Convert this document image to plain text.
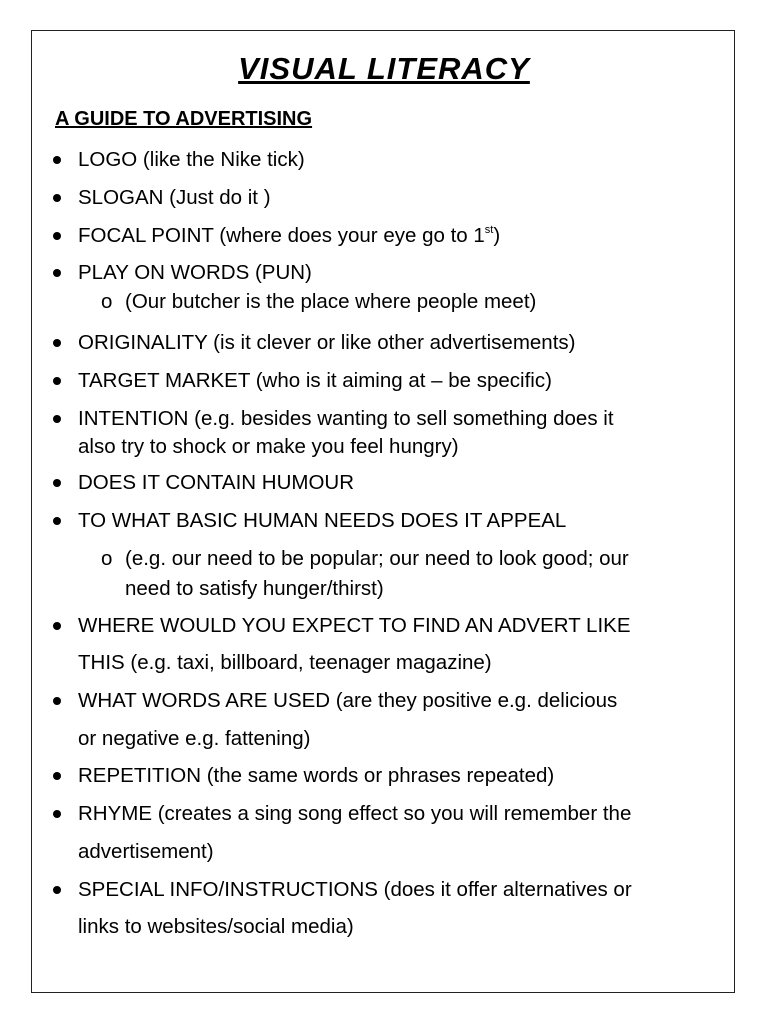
VISUAL LITERACY
A GUIDE TO ADVERTISING
LOGO (like the Nike tick)
SLOGAN (Just do it )
FOCAL POINT (where does your eye go to 1st)
PLAY ON WORDS (PUN)
o (Our butcher is the place where people meet)
ORIGINALITY (is it clever or like other advertisements)
TARGET MARKET (who is it aiming at – be specific)
INTENTION (e.g. besides wanting to sell something does it
also try to shock or make you feel hungry)
DOES IT CONTAIN HUMOUR
TO WHAT BASIC HUMAN NEEDS DOES IT APPEAL
o (e.g. our need to be popular; our need to look good; our
need to satisfy hunger/thirst)
WHERE WOULD YOU EXPECT TO FIND AN ADVERT LIKE
THIS (e.g. taxi, billboard, teenager magazine)
WHAT WORDS ARE USED (are they positive e.g. delicious
or negative e.g. fattening)
REPETITION (the same words or phrases repeated)
RHYME (creates a sing song effect so you will remember the
advertisement)
SPECIAL INFO/INSTRUCTIONS (does it offer alternatives or
links to websites/social media)
